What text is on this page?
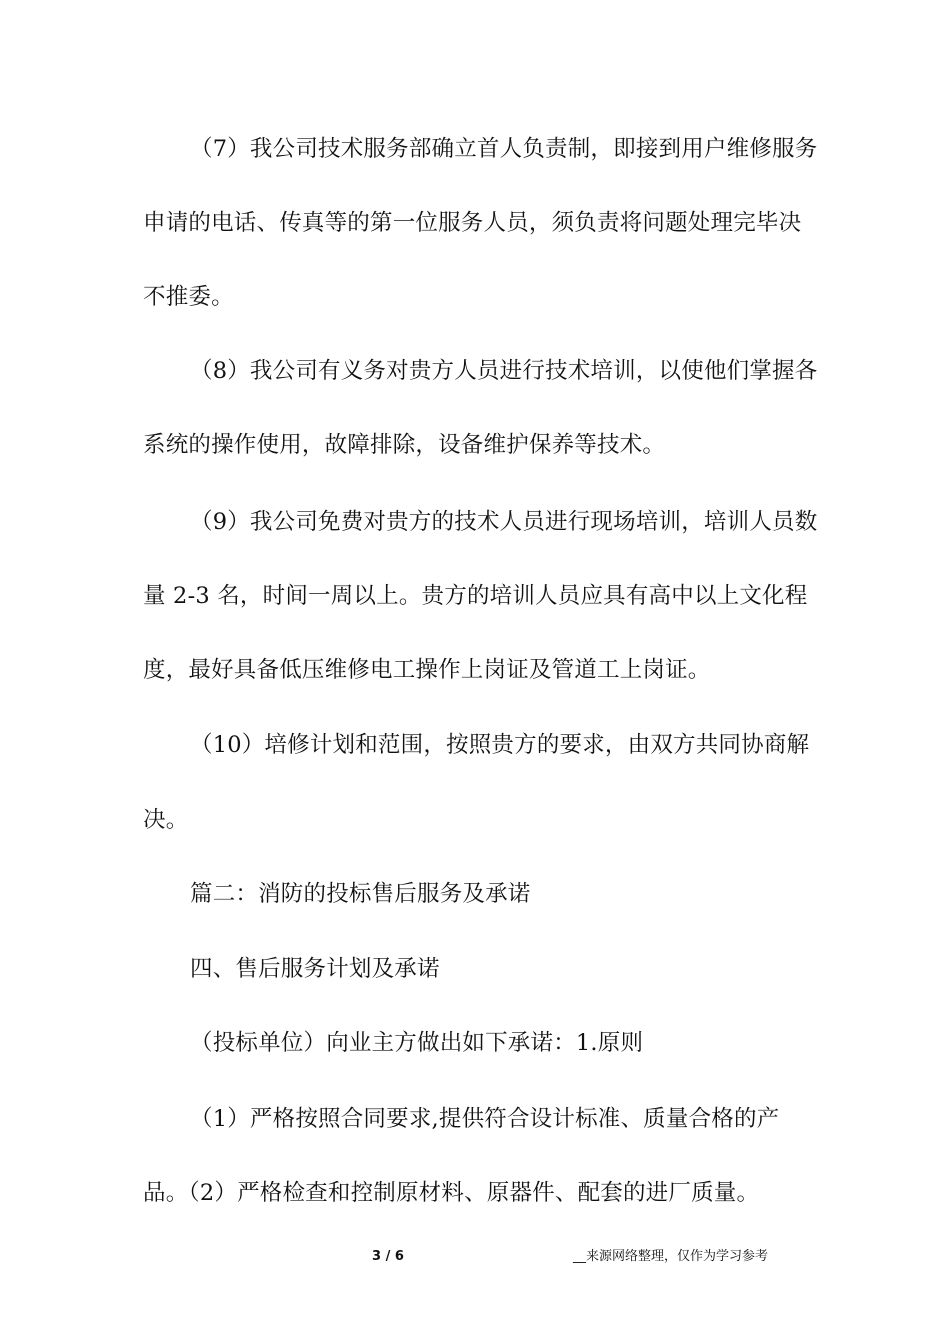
（7）我公司技术服务部确立首人负责制，即接到用户维修服务
申请的电话、传真等的第一位服务人员，须负责将问题处理完毕决
不推委。
（8）我公司有义务对贵方人员进行技术培训，以使他们掌握各
系统的操作使用，故障排除，设备维护保养等技术。
（9）我公司免费对贵方的技术人员进行现场培训，培训人员数
量 2-3 名，时间一周以上。贵方的培训人员应具有高中以上文化程
度，最好具备低压维修电工操作上岗证及管道工上岗证。
（10）培修计划和范围，按照贵方的要求，由双方共同协商解
决。
篇二：消防的投标售后服务及承诺
四、售后服务计划及承诺
（投标单位）向业主方做出如下承诺：1.原则
（1）严格按照合同要求,提供符合设计标准、质量合格的产
品。（2）严格检查和控制原材料、原器件、配套的进厂质量。
3 / 6	__来源网络整理，仅作为学习参考
